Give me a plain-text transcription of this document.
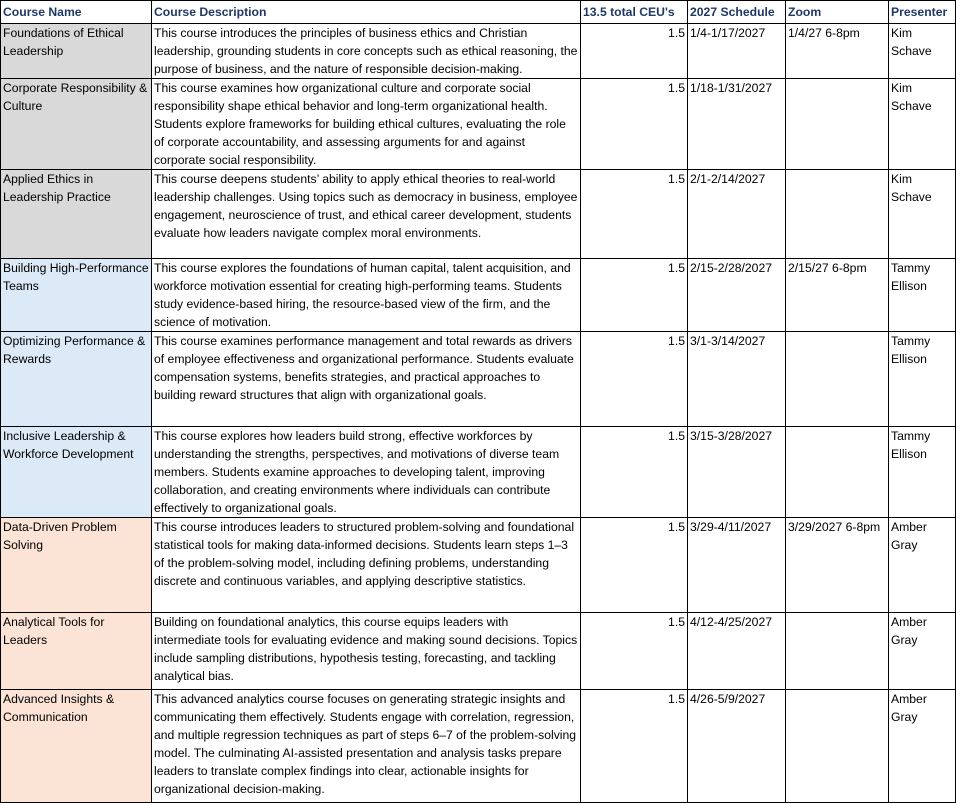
Course Name	Course Description	13.5 total CEU's	2027 Schedule	Zoom	Presenter
Foundations of Ethical Leadership	This course introduces the principles of business ethics and Christian leadership, grounding students in core concepts such as ethical reasoning, the purpose of business, and the nature of responsible decision-making.	1.5	1/4-1/17/2027	1/4/27 6-8pm	Kim Schave
Corporate Responsibility & Culture	This course examines how organizational culture and corporate social responsibility shape ethical behavior and long-term organizational health. Students explore frameworks for building ethical cultures, evaluating the role of corporate accountability, and assessing arguments for and against corporate social responsibility.	1.5	1/18-1/31/2027		Kim Schave
Applied Ethics in Leadership Practice	This course deepens students’ ability to apply ethical theories to real-world leadership challenges. Using topics such as democracy in business, employee engagement, neuroscience of trust, and ethical career development, students evaluate how leaders navigate complex moral environments.	1.5	2/1-2/14/2027		Kim Schave
Building High-Performance Teams	This course explores the foundations of human capital, talent acquisition, and workforce motivation essential for creating high-performing teams. Students study evidence-based hiring, the resource-based view of the firm, and the science of motivation.	1.5	2/15-2/28/2027	2/15/27 6-8pm	Tammy Ellison
Optimizing Performance & Rewards	This course examines performance management and total rewards as drivers of employee effectiveness and organizational performance. Students evaluate compensation systems, benefits strategies, and practical approaches to building reward structures that align with organizational goals.	1.5	3/1-3/14/2027		Tammy Ellison
Inclusive Leadership & Workforce Development	This course explores how leaders build strong, effective workforces by understanding the strengths, perspectives, and motivations of diverse team members. Students examine approaches to developing talent, improving collaboration, and creating environments where individuals can contribute effectively to organizational goals.	1.5	3/15-3/28/2027		Tammy Ellison
Data-Driven Problem Solving	This course introduces leaders to structured problem-solving and foundational statistical tools for making data-informed decisions. Students learn steps 1–3 of the problem-solving model, including defining problems, understanding discrete and continuous variables, and applying descriptive statistics.	1.5	3/29-4/11/2027	3/29/2027 6-8pm	Amber Gray
Analytical Tools for Leaders	Building on foundational analytics, this course equips leaders with intermediate tools for evaluating evidence and making sound decisions. Topics include sampling distributions, hypothesis testing, forecasting, and tackling analytical bias.	1.5	4/12-4/25/2027		Amber Gray
Advanced Insights & Communication	This advanced analytics course focuses on generating strategic insights and communicating them effectively. Students engage with correlation, regression, and multiple regression techniques as part of steps 6–7 of the problem-solving model. The culminating AI-assisted presentation and analysis tasks prepare leaders to translate complex findings into clear, actionable insights for organizational decision-making.	1.5	4/26-5/9/2027		Amber Gray
